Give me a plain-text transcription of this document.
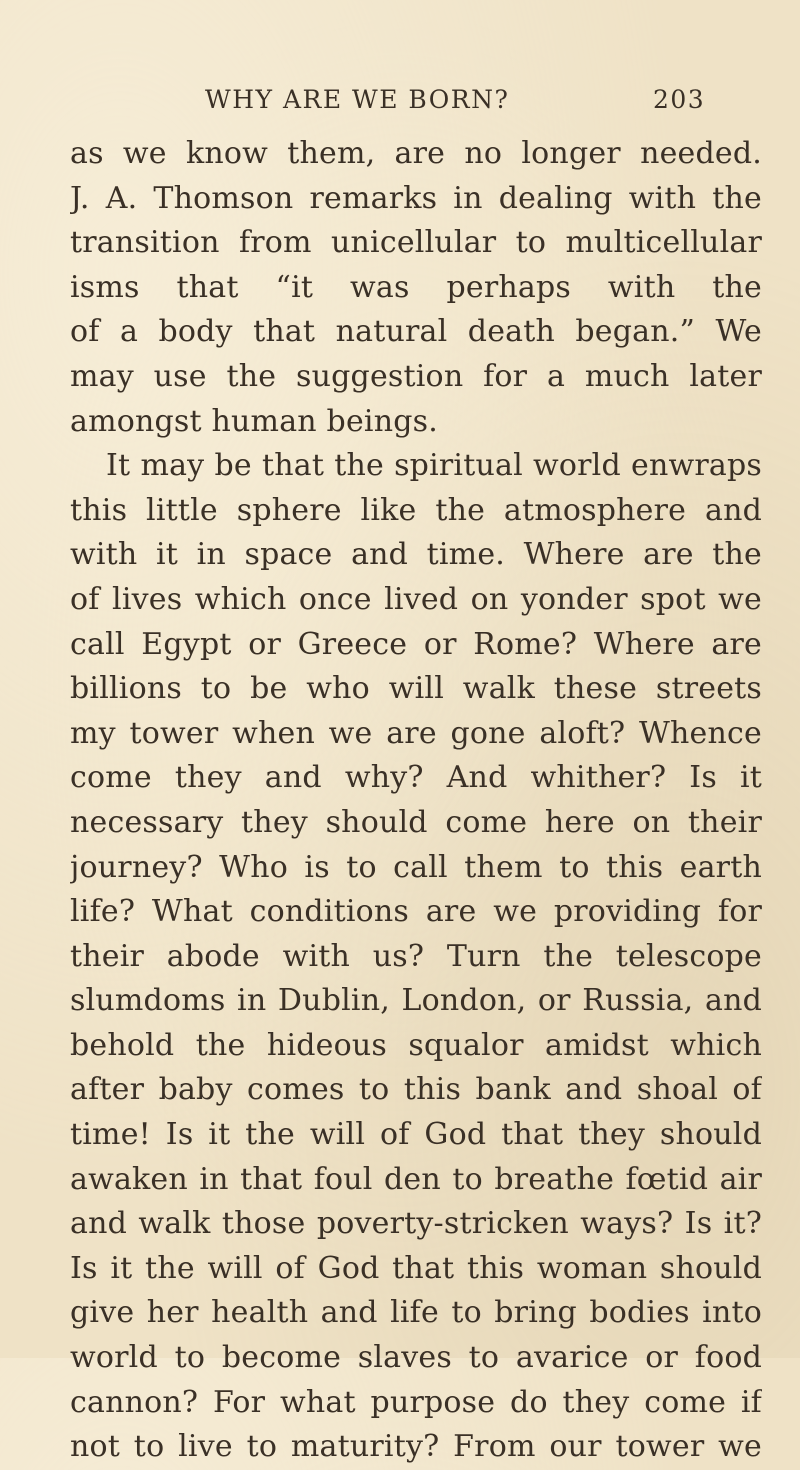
WHY ARE WE BORN?	203
as we know them, are no longer needed.
J. A. Thomson remarks in dealing with the
transition from unicellular to multicellular
isms that “it was perhaps with the
of a body that natural death began.” We
may use the suggestion for a much later
amongst human beings.
It may be that the spiritual world enwraps
this little sphere like the atmosphere and
with it in space and time. Where are the
of lives which once lived on yonder spot we
call Egypt or Greece or Rome? Where are
billions to be who will walk these streets
my tower when we are gone aloft? Whence
come they and why? And whither? Is it
necessary they should come here on their
journey? Who is to call them to this earth
life? What conditions are we providing for
their abode with us? Turn the telescope
slumdoms in Dublin, London, or Russia, and
behold the hideous squalor amidst which
after baby comes to this bank and shoal of
time! Is it the will of God that they should
awaken in that foul den to breathe fœtid air
and walk those poverty-stricken ways? Is it?
Is it the will of God that this woman should
give her health and life to bring bodies into
world to become slaves to avarice or food
cannon? For what purpose do they come if
not to live to maturity? From our tower we
